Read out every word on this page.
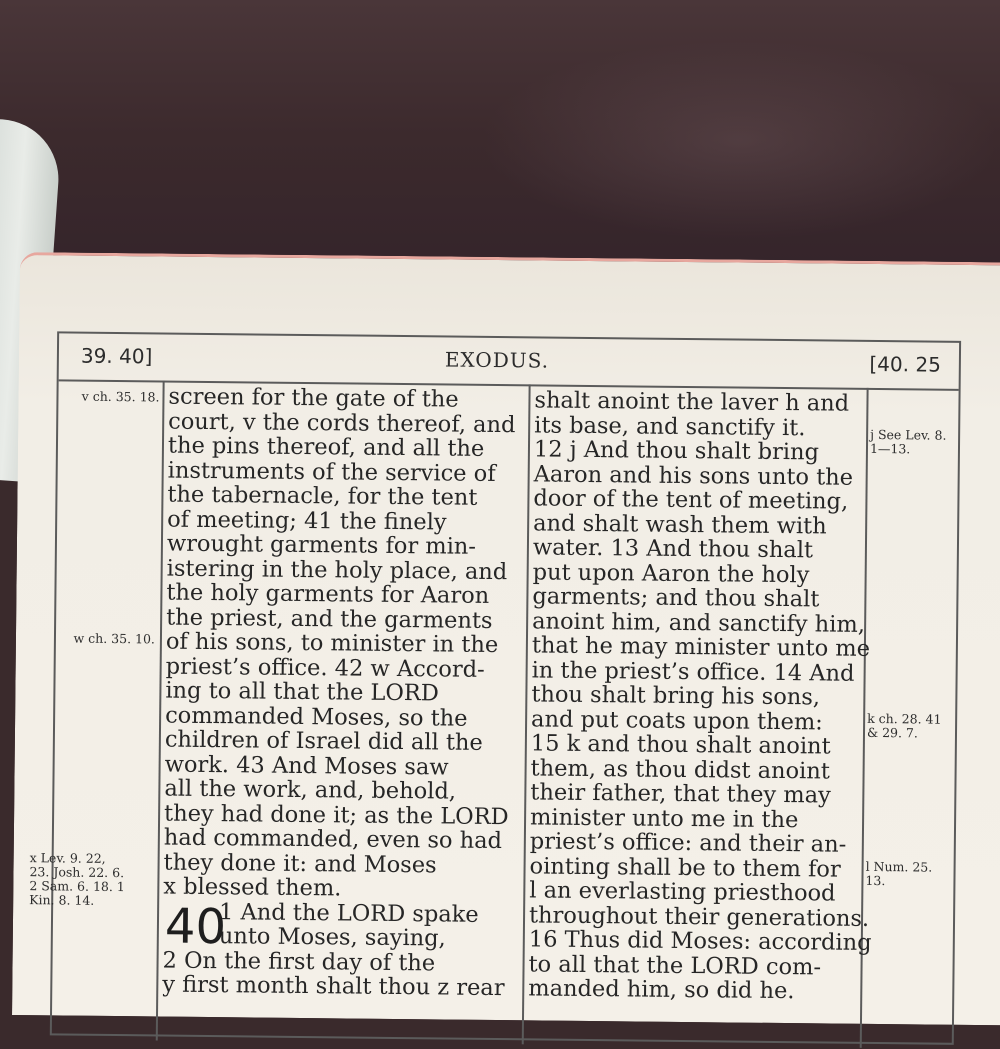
39. 40]	EXODUS.	[40. 25
v ch. 35. 18.
w ch. 35. 10.
x Lev. 9. 22, 23. Josh. 22. 6. 2 Sam. 6. 18. 1 Kin. 8. 14.
j See Lev. 8. 1—13.
k ch. 28. 41 & 29. 7.
l Num. 25. 13.
screen for the gate of the
court, v the cords thereof, and
the pins thereof, and all the
instruments of the service of
the tabernacle, for the tent
of meeting; 41 the finely
wrought garments for min-
istering in the holy place, and
the holy garments for Aaron
the priest, and the garments
of his sons, to minister in the
priest’s office. 42 w Accord-
ing to all that the LORD
commanded Moses, so the
children of Israel did all the
work. 43 And Moses saw
all the work, and, behold,
they had done it; as the LORD
had commanded, even so had
they done it: and Moses
x blessed them.
1 And the LORD spake
unto Moses, saying,
2 On the first day of the
y first month shalt thou z rear
40
shalt anoint the laver h and
its base, and sanctify it.
12 j And thou shalt bring
Aaron and his sons unto the
door of the tent of meeting,
and shalt wash them with
water. 13 And thou shalt
put upon Aaron the holy
garments; and thou shalt
anoint him, and sanctify him,
that he may minister unto me
in the priest’s office. 14 And
thou shalt bring his sons,
and put coats upon them:
15 k and thou shalt anoint
them, as thou didst anoint
their father, that they may
minister unto me in the
priest’s office: and their an-
ointing shall be to them for
l an everlasting priesthood
throughout their generations.
16 Thus did Moses: according
to all that the LORD com-
manded him, so did he.
